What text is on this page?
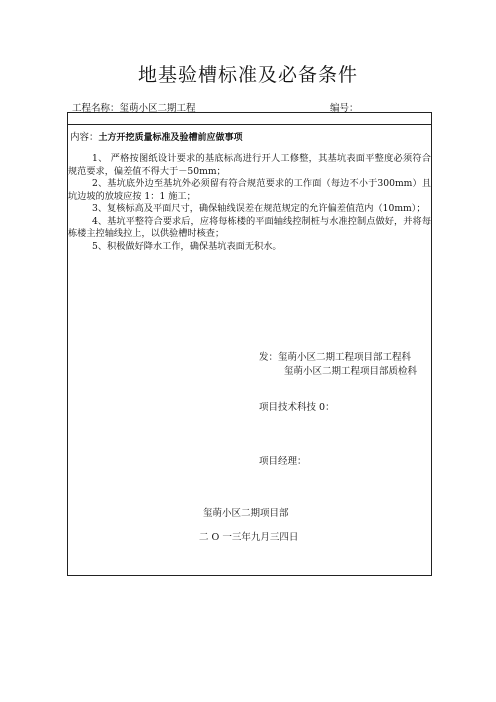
地基验槽标准及必备条件
工程名称：玺萌小区二期工程	编号：
内容：土方开挖质量标准及验槽前应做事项

1、 严格按图纸设计要求的基底标高进行开人工修整，其基坑表面平整度必须符合规范要求，偏差值不得大于－50mm；

2、基坑底外边至基坑外必须留有符合规范要求的工作面（每边不小于300mm）且坑边坡的放坡应按 1：1 施工；

3、复核标高及平面尺寸，确保轴线误差在规范规定的允许偏差值范内（10mm）；

4、基坑平整符合要求后，应将每栋楼的平面轴线控制桩与水准控制点做好，并将每栋楼主控轴线拉上，以供验槽时核查；

5、积极做好降水工作，确保基坑表面无积水。

发：玺萌小区二期工程项目部工程科
玺萌小区二期工程项目部质检科
项目技术科技 0：
项目经理：
玺萌小区二期项目部
二 O 一三年九月三四日
